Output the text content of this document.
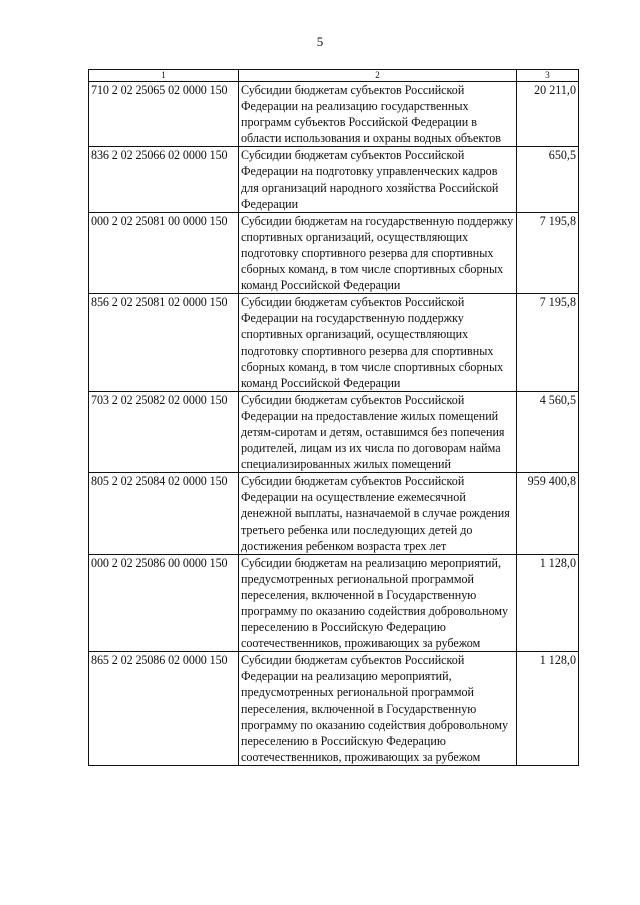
5
1	2	3
710 2 02 25065 02 0000 150	Субсидии бюджетам субъектов Российской Федерации на реализацию государственных программ субъектов Российской Федерации в области использования и охраны водных объектов	20 211,0
836 2 02 25066 02 0000 150	Субсидии бюджетам субъектов Российской Федерации на подготовку управленческих кадров для организаций народного хозяйства Российской Федерации	650,5
000 2 02 25081 00 0000 150	Субсидии бюджетам на государственную поддержку спортивных организаций, осуществляющих подготовку спортивного резерва для спортивных сборных команд, в том числе спортивных сборных команд Российской Федерации	7 195,8
856 2 02 25081 02 0000 150	Субсидии бюджетам субъектов Российской Федерации на государственную поддержку спортивных организаций, осуществляющих подготовку спортивного резерва для спортивных сборных команд, в том числе спортивных сборных команд Российской Федерации	7 195,8
703 2 02 25082 02 0000 150	Субсидии бюджетам субъектов Российской Федерации на предоставление жилых помещений детям-сиротам и детям, оставшимся без попечения родителей, лицам из их числа по договорам найма специализированных жилых помещений	4 560,5
805 2 02 25084 02 0000 150	Субсидии бюджетам субъектов Российской Федерации на осуществление ежемесячной денежной выплаты, назначаемой в случае рождения третьего ребенка или последующих детей до достижения ребенком возраста трех лет	959 400,8
000 2 02 25086 00 0000 150	Субсидии бюджетам на реализацию мероприятий, предусмотренных региональной программой переселения, включенной в Государственную программу по оказанию содействия добровольному переселению в Российскую Федерацию соотечественников, проживающих за рубежом	1 128,0
865 2 02 25086 02 0000 150	Субсидии бюджетам субъектов Российской Федерации на реализацию мероприятий, предусмотренных региональной программой переселения, включенной в Государственную программу по оказанию содействия добровольному переселению в Российскую Федерацию соотечественников, проживающих за рубежом	1 128,0
